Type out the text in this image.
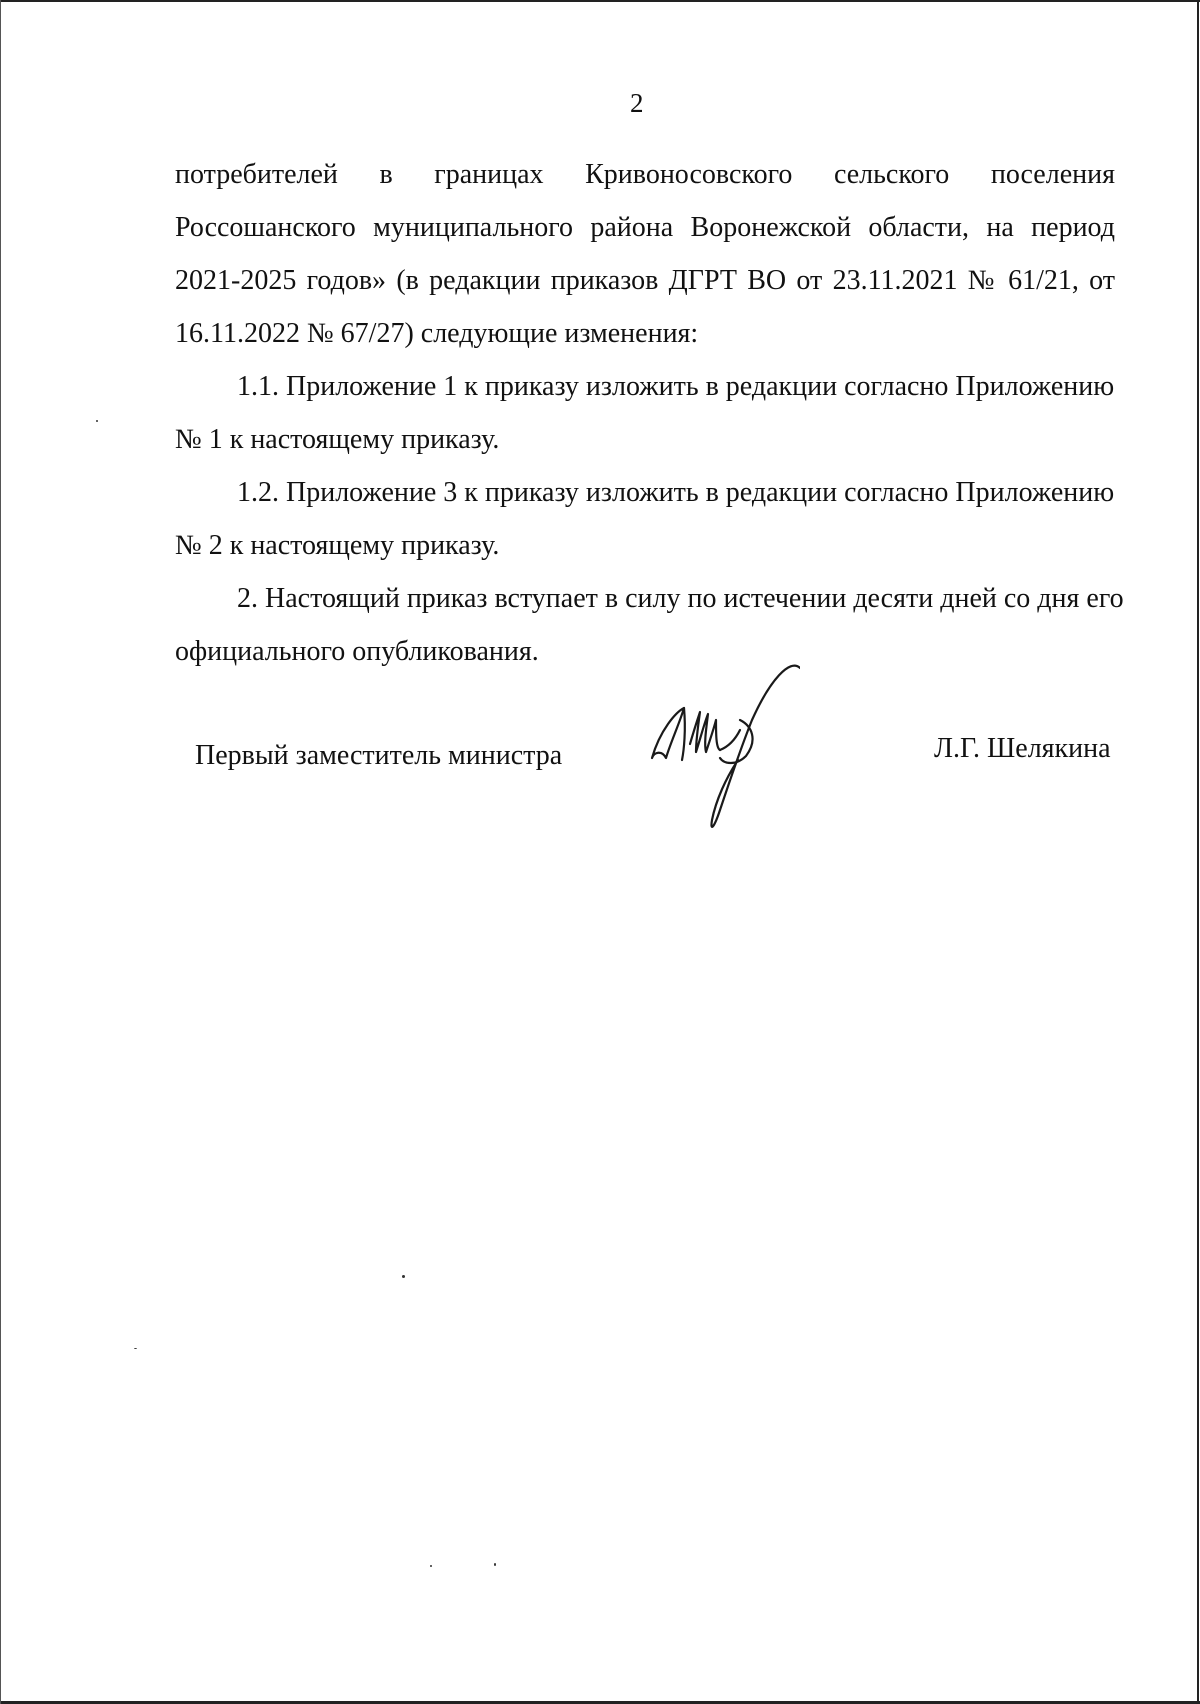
2
потребителей в границах Кривоносовского сельского поселения
Россошанского муниципального района Воронежской области, на период
2021-2025 годов» (в редакции приказов ДГРТ ВО от 23.11.2021 № 61/21, от
16.11.2022 № 67/27) следующие изменения:
1.1. Приложение 1 к приказу изложить в редакции согласно Приложению
№ 1 к настоящему приказу.
1.2. Приложение 3 к приказу изложить в редакции согласно Приложению
№ 2 к настоящему приказу.
2. Настоящий приказ вступает в силу по истечении десяти дней со дня его
официального опубликования.
Первый заместитель министра	Л.Г. Шелякина
